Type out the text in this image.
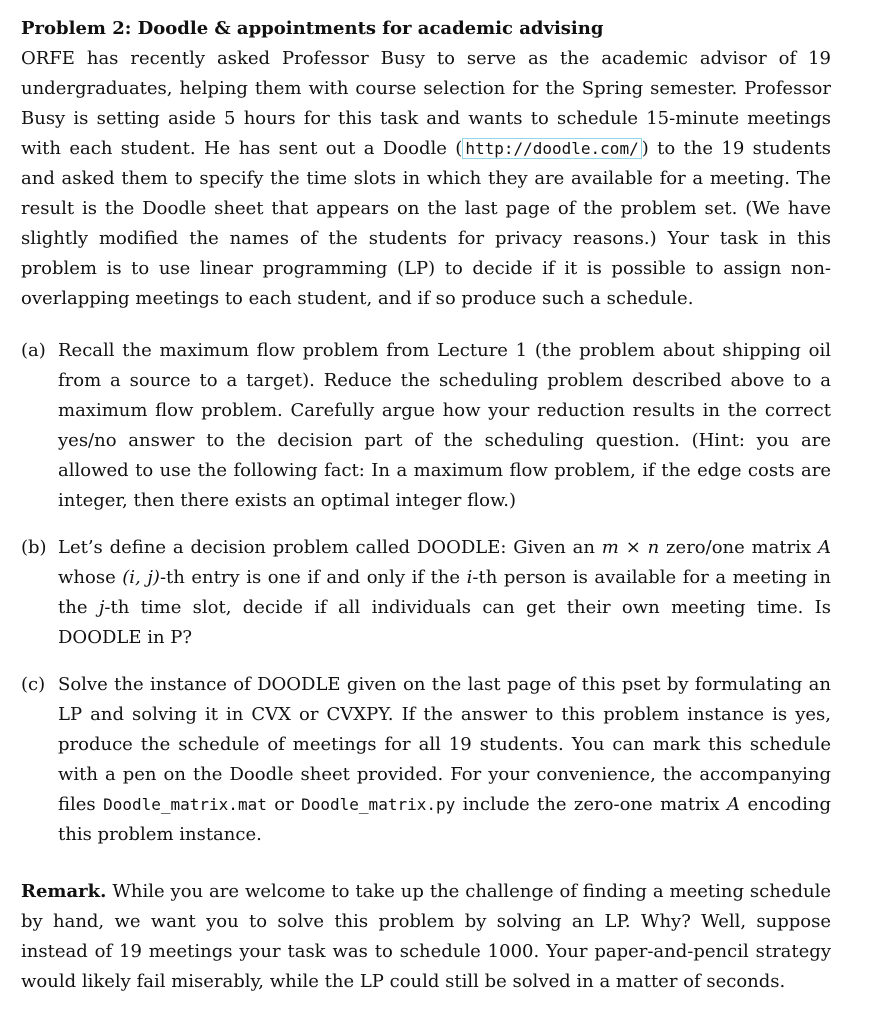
Problem 2: Doodle & appointments for academic advising
ORFE has recently asked Professor Busy to serve as the academic advisor of 19 undergraduates, helping them with course selection for the Spring semester. Professor Busy is setting aside 5 hours for this task and wants to schedule 15-minute meetings with each student. He has sent out a Doodle ( http://doodle.com/ ) to the 19 students and asked them to specify the time slots in which they are available for a meeting. The result is the Doodle sheet that appears on the last page of the problem set. (We have slightly modified the names of the students for privacy reasons.) Your task in this problem is to use linear programming (LP) to decide if it is possible to assign non-overlapping meetings to each student, and if so produce such a schedule.
(a) Recall the maximum flow problem from Lecture 1 (the problem about shipping oil from a source to a target). Reduce the scheduling problem described above to a maximum flow problem. Carefully argue how your reduction results in the correct yes/no answer to the decision part of the scheduling question. (Hint: you are allowed to use the following fact: In a maximum flow problem, if the edge costs are integer, then there exists an optimal integer flow.)
(b) Let’s define a decision problem called DOODLE: Given an m × n zero/one matrix A whose (i, j)-th entry is one if and only if the i-th person is available for a meeting in the j-th time slot, decide if all individuals can get their own meeting time. Is DOODLE in P?
(c) Solve the instance of DOODLE given on the last page of this pset by formulating an LP and solving it in CVX or CVXPY. If the answer to this problem instance is yes, produce the schedule of meetings for all 19 students. You can mark this schedule with a pen on the Doodle sheet provided. For your convenience, the accompanying files Doodle_matrix.mat or Doodle_matrix.py include the zero-one matrix A encoding this problem instance.
Remark. While you are welcome to take up the challenge of finding a meeting schedule by hand, we want you to solve this problem by solving an LP. Why? Well, suppose instead of 19 meetings your task was to schedule 1000. Your paper-and-pencil strategy would likely fail miserably, while the LP could still be solved in a matter of seconds.
